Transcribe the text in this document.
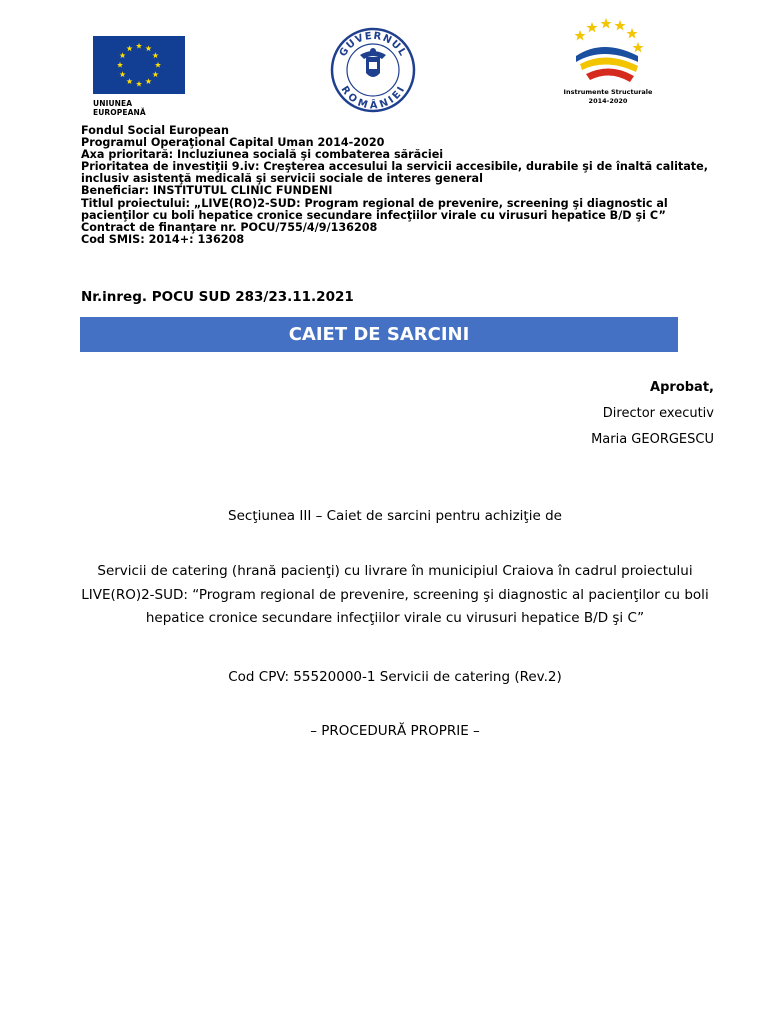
UNIUNEA EUROPEANĂ
GUVERNUL
ROMÂNIEI	Instrumente Structurale
2014-2020
Fondul Social European
Programul Operaţional Capital Uman 2014-2020
Axa prioritară: Incluziunea socială şi combaterea sărăciei
Prioritatea de investiţii 9.iv: Creşterea accesului la servicii accesibile, durabile şi de înaltă calitate, inclusiv asistenţă medicală şi servicii sociale de interes general
Beneficiar: INSTITUTUL CLINIC FUNDENI
Titlul proiectului: „LIVE(RO)2-SUD: Program regional de prevenire, screening şi diagnostic al pacienţilor cu boli hepatice cronice secundare infecţiilor virale cu virusuri hepatice B/D şi C”
Contract de finanţare nr. POCU/755/4/9/136208
Cod SMIS: 2014+: 136208
Nr.inreg. POCU SUD 283/23.11.2021
CAIET DE SARCINI
Aprobat,
Director executiv
Maria GEORGESCU
Secţiunea III – Caiet de sarcini pentru achiziţie de
Servicii de catering (hrană pacienţi) cu livrare în municipiul Craiova în cadrul proiectului LIVE(RO)2-SUD: “Program regional de prevenire, screening şi diagnostic al pacienţilor cu boli hepatice cronice secundare infecţiilor virale cu virusuri hepatice B/D şi C”
Cod CPV: 55520000-1 Servicii de catering (Rev.2)
– PROCEDURĂ PROPRIE –
